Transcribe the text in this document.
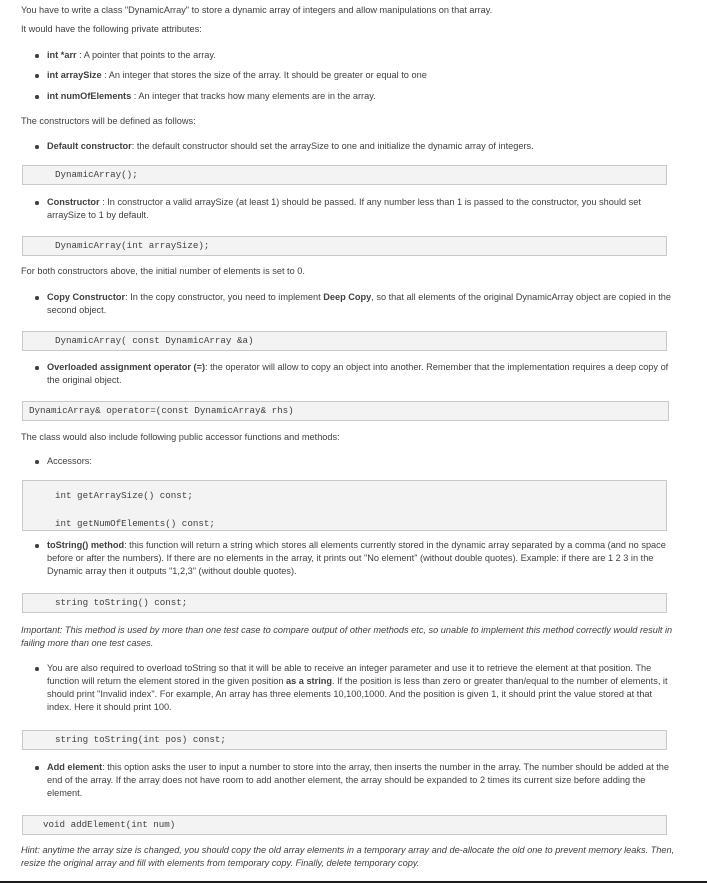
You have to write a class "DynamicArray" to store a dynamic array of integers and allow manipulations on that array.
It would have the following private attributes:
int *arr : A pointer that points to the array.
int arraySize : An integer that stores the size of the array. It should be greater or equal to one
int numOfElements : An integer that tracks how many elements are in the array.
The constructors will be defined as follows:
Default constructor: the default constructor should set the arraySize to one and initialize the dynamic array of integers.
DynamicArray();
Constructor : In constructor a valid arraySize (at least 1) should be passed. If any number less than 1 is passed to the constructor, you should set arraySize to 1 by default.
DynamicArray(int arraySize);
For both constructors above, the initial number of elements is set to 0.
Copy Constructor: In the copy constructor, you need to implement Deep Copy, so that all elements of the original DynamicArray object are copied in the second object.
DynamicArray( const DynamicArray &a)
Overloaded assignment operator (=): the operator will allow to copy an object into another. Remember that the implementation requires a deep copy of the original object.
DynamicArray& operator=(const DynamicArray& rhs)
The class would also include following public accessor functions and methods:
Accessors:
int getArraySize() const;
int getNumOfElements() const;
toString() method: this function will return a string which stores all elements currently stored in the dynamic array separated by a comma (and no space before or after the numbers). If there are no elements in the array, it prints out "No element" (without double quotes). Example: if there are 1 2 3 in the Dynamic array then it outputs "1,2,3" (without double quotes).
string toString() const;
Important: This method is used by more than one test case to compare output of other methods etc, so unable to implement this method correctly would result in failing more than one test cases.
You are also required to overload toString so that it will be able to receive an integer parameter and use it to retrieve the element at that position. The function will return the element stored in the given position as a string. If the position is less than zero or greater than/equal to the number of elements, it should print "Invalid index". For example, An array has three elements 10,100,1000. And the position is given 1, it should print the value stored at that index. Here it should print 100.
string toString(int pos) const;
Add element: this option asks the user to input a number to store into the array, then inserts the number in the array. The number should be added at the end of the array. If the array does not have room to add another element, the array should be expanded to 2 times its current size before adding the element.
void addElement(int num)
Hint: anytime the array size is changed, you should copy the old array elements in a temporary array and de-allocate the old one to prevent memory leaks. Then, resize the original array and fill with elements from temporary copy. Finally, delete temporary copy.
